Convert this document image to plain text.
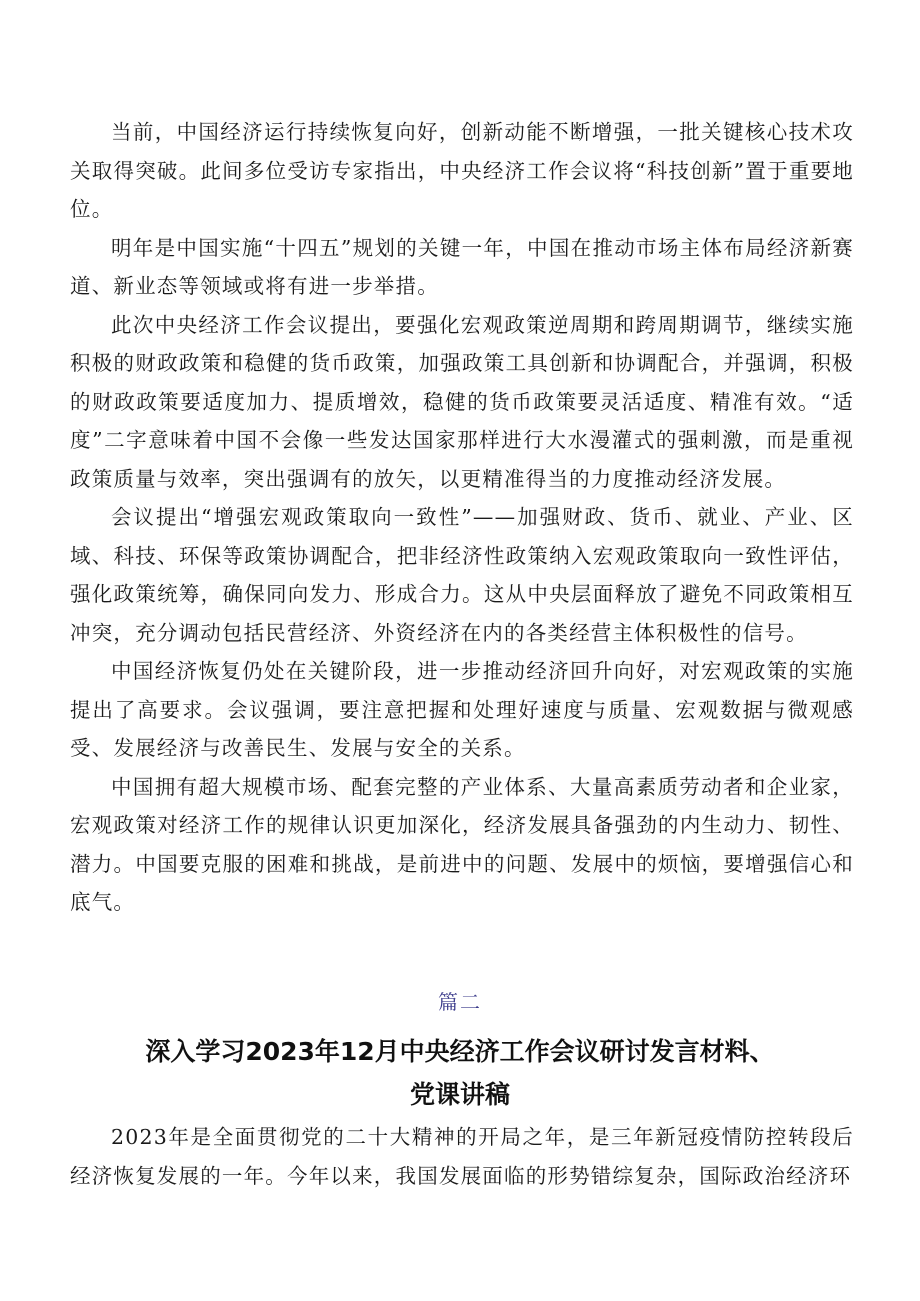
当前，中国经济运行持续恢复向好，创新动能不断增强，一批关键核心技术攻关取得突破。此间多位受访专家指出，中央经济工作会议将“科技创新”置于重要地位。

明年是中国实施“十四五”规划的关键一年，中国在推动市场主体布局经济新赛道、新业态等领域或将有进一步举措。

此次中央经济工作会议提出，要强化宏观政策逆周期和跨周期调节，继续实施积极的财政政策和稳健的货币政策，加强政策工具创新和协调配合，并强调，积极的财政政策要适度加力、提质增效，稳健的货币政策要灵活适度、精准有效。“适度”二字意味着中国不会像一些发达国家那样进行大水漫灌式的强刺激，而是重视政策质量与效率，突出强调有的放矢，以更精准得当的力度推动经济发展。

会议提出“增强宏观政策取向一致性”——加强财政、货币、就业、产业、区域、科技、环保等政策协调配合，把非经济性政策纳入宏观政策取向一致性评估，强化政策统筹，确保同向发力、形成合力。这从中央层面释放了避免不同政策相互冲突，充分调动包括民营经济、外资经济在内的各类经营主体积极性的信号。

中国经济恢复仍处在关键阶段，进一步推动经济回升向好，对宏观政策的实施提出了高要求。会议强调，要注意把握和处理好速度与质量、宏观数据与微观感受、发展经济与改善民生、发展与安全的关系。

中国拥有超大规模市场、配套完整的产业体系、大量高素质劳动者和企业家，宏观政策对经济工作的规律认识更加深化，经济发展具备强劲的内生动力、韧性、潜力。中国要克服的困难和挑战，是前进中的问题、发展中的烦恼，要增强信心和底气。

篇二
深入学习2023年12月中央经济工作会议研讨发言材料、
党课讲稿

2023年是全面贯彻党的二十大精神的开局之年，是三年新冠疫情防控转段后经济恢复发展的一年。今年以来，我国发展面临的形势错综复杂，国际政治经济环
